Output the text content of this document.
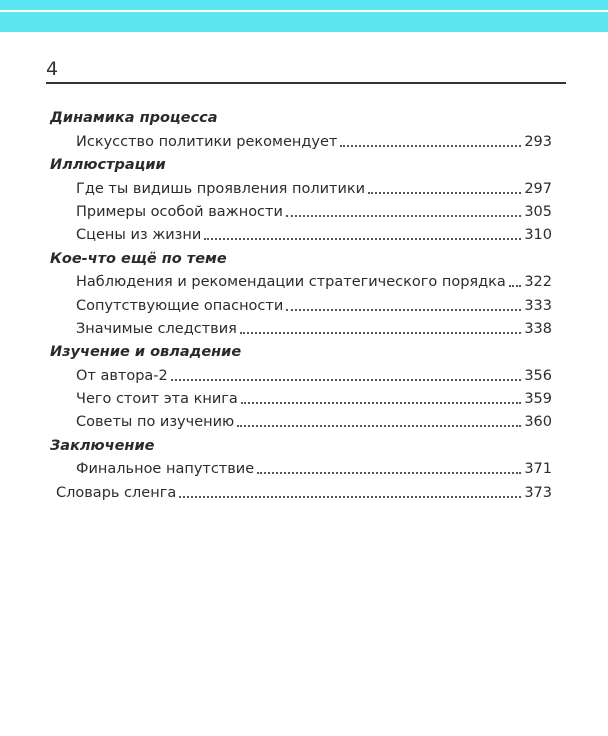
4
Динамика процесса
Искусство политики рекомендует	293
Иллюстрации
Где ты видишь проявления политики	297
Примеры особой важности	305
Сцены из жизни	310
Кое-что ещё по теме
Наблюдения и рекомендации стратегического порядка 322
Сопутствующие опасности	333
Значимые следствия	338
Изучение и овладение
От автора-2	356
Чего стоит эта книга	359
Советы по изучению	360
Заключение
Финальное напутствие	371
Словарь сленга	373
